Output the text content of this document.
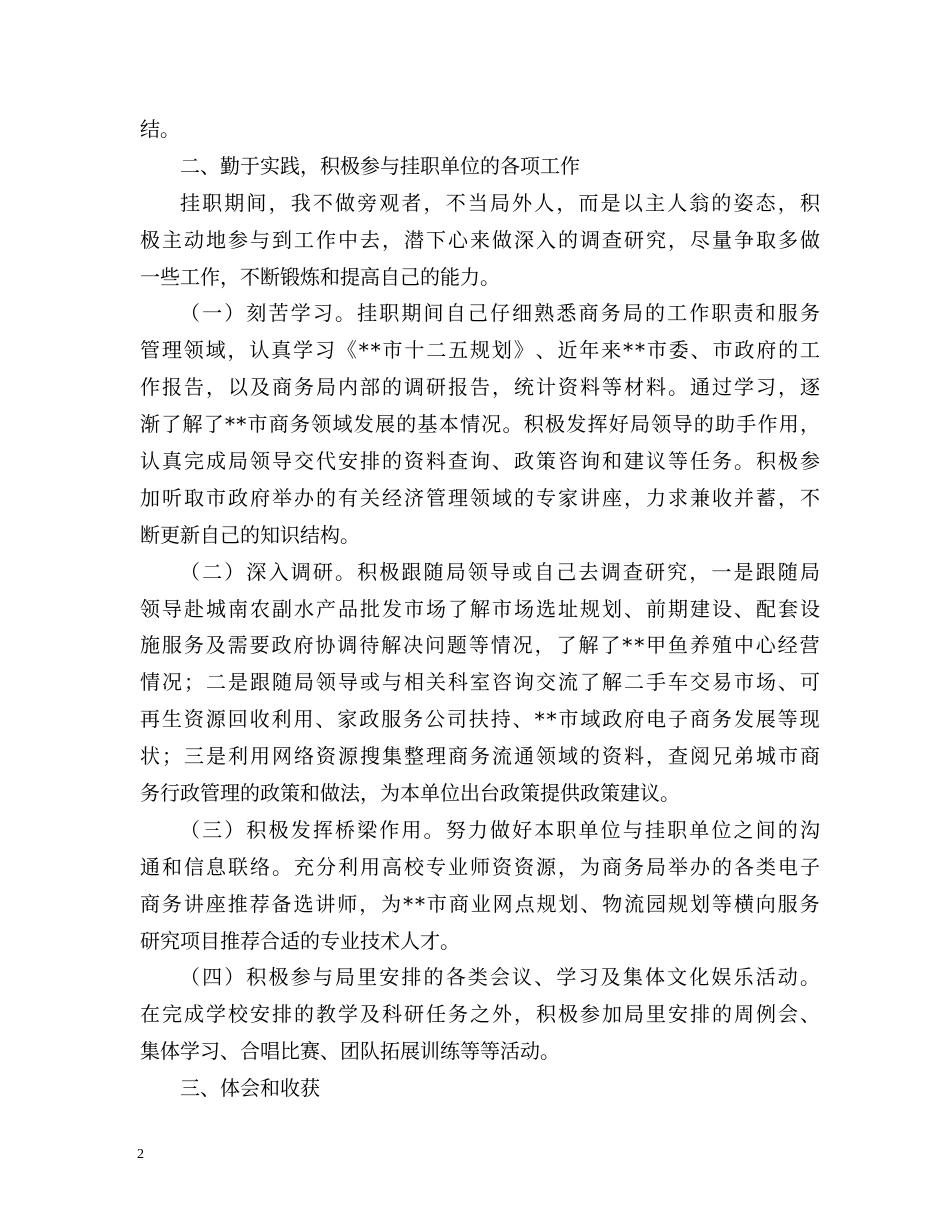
结。
二、勤于实践，积极参与挂职单位的各项工作
挂 职 期 间 ， 我 不 做 旁 观 者 ， 不 当 局 外 人 ， 而 是 以 主 人 翁 的 姿 态 ， 积
极 主 动 地 参 与 到 工 作 中 去 ， 潜 下 心 来 做 深 入 的 调 查 研 究 ， 尽 量 争 取 多 做
一些工作，不断锻炼和提高自己的能力。
（ 一 ） 刻 苦 学 习 。 挂 职 期 间 自 己 仔 细 熟 悉 商 务 局 的 工 作 职 责 和 服 务
管 理 领 域 ， 认 真 学 习 《 * * 市 十 二 五 规 划 》 、 近 年 来 * * 市 委 、 市 政 府 的 工
作 报 告 ， 以 及 商 务 局 内 部 的 调 研 报 告 ， 统 计 资 料 等 材 料 。 通 过 学 习 ， 逐
渐 了 解 了 * * 市 商 务 领 域 发 展 的 基 本 情 况 。 积 极 发 挥 好 局 领 导 的 助 手 作 用 ，
认 真 完 成 局 领 导 交 代 安 排 的 资 料 查 询 、 政 策 咨 询 和 建 议 等 任 务 。 积 极 参
加 听 取 市 政 府 举 办 的 有 关 经 济 管 理 领 域 的 专 家 讲 座 ， 力 求 兼 收 并 蓄 ， 不
断更新自己的知识结构。
（ 二 ） 深 入 调 研 。 积 极 跟 随 局 领 导 或 自 己 去 调 查 研 究 ， 一 是 跟 随 局
领 导 赴 城 南 农 副 水 产 品 批 发 市 场 了 解 市 场 选 址 规 划 、 前 期 建 设 、 配 套 设
施 服 务 及 需 要 政 府 协 调 待 解 决 问 题 等 情 况 ， 了 解 了 * * 甲 鱼 养 殖 中 心 经 营
情 况 ； 二 是 跟 随 局 领 导 或 与 相 关 科 室 咨 询 交 流 了 解 二 手 车 交 易 市 场 、 可
再 生 资 源 回 收 利 用 、 家 政 服 务 公 司 扶 持 、 * * 市 域 政 府 电 子 商 务 发 展 等 现
状 ； 三 是 利 用 网 络 资 源 搜 集 整 理 商 务 流 通 领 域 的 资 料 ， 查 阅 兄 弟 城 市 商
务行政管理的政策和做法，为本单位出台政策提供政策建议。
（ 三 ） 积 极 发 挥 桥 梁 作 用 。 努 力 做 好 本 职 单 位 与 挂 职 单 位 之 间 的 沟
通 和 信 息 联 络 。 充 分 利 用 高 校 专 业 师 资 资 源 ， 为 商 务 局 举 办 的 各 类 电 子
商 务 讲 座 推 荐 备 选 讲 师 ， 为 * * 市 商 业 网 点 规 划 、 物 流 园 规 划 等 横 向 服 务
研究项目推荐合适的专业技术人才。
（ 四 ） 积 极 参 与 局 里 安 排 的 各 类 会 议 、 学 习 及 集 体 文 化 娱 乐 活 动 。
在 完 成 学 校 安 排 的 教 学 及 科 研 任 务 之 外 ， 积 极 参 加 局 里 安 排 的 周 例 会 、
集体学习、合唱比赛、团队拓展训练等等活动。
三、体会和收获
2
